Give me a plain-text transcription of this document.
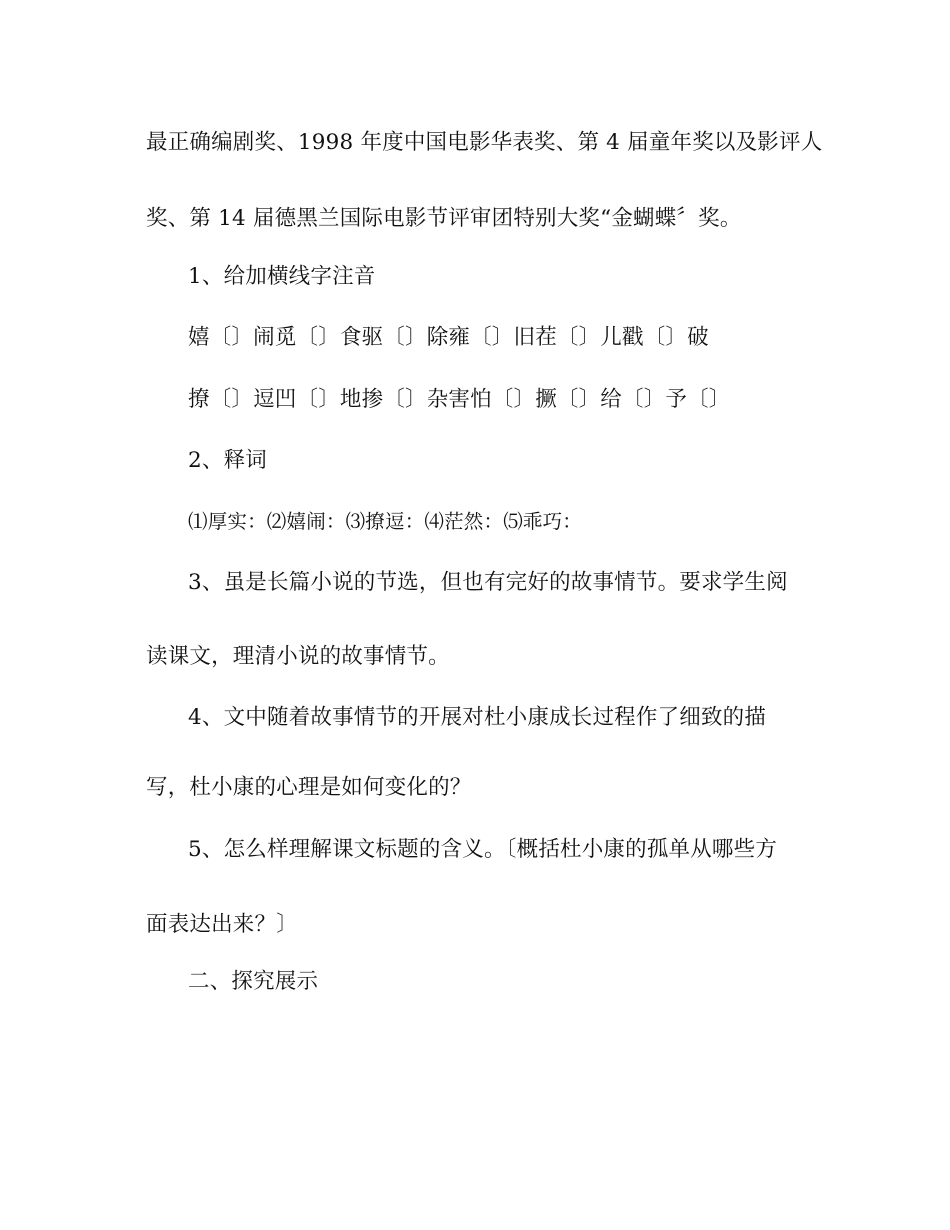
最正确编剧奖、1998 年度中国电影华表奖、第 4 届童年奖以及影评人
奖、第 14 届德黑兰国际电影节评审团特别大奖“金蝴蝶〞奖。
1、给加横线字注音
嬉〔〕闹觅〔〕食驱〔〕除雍〔〕旧茬〔〕儿戳〔〕破
撩〔〕逗凹〔〕地掺〔〕杂害怕〔〕撅〔〕给〔〕予〔〕
2、释词
⑴厚实：⑵嬉闹：⑶撩逗：⑷茫然：⑸乖巧：
3、虽是长篇小说的节选，但也有完好的故事情节。要求学生阅
读课文，理清小说的故事情节。
4、文中随着故事情节的开展对杜小康成长过程作了细致的描
写，杜小康的心理是如何变化的？
5、怎么样理解课文标题的含义。〔概括杜小康的孤单从哪些方
面表达出来？〕
二、探究展示
